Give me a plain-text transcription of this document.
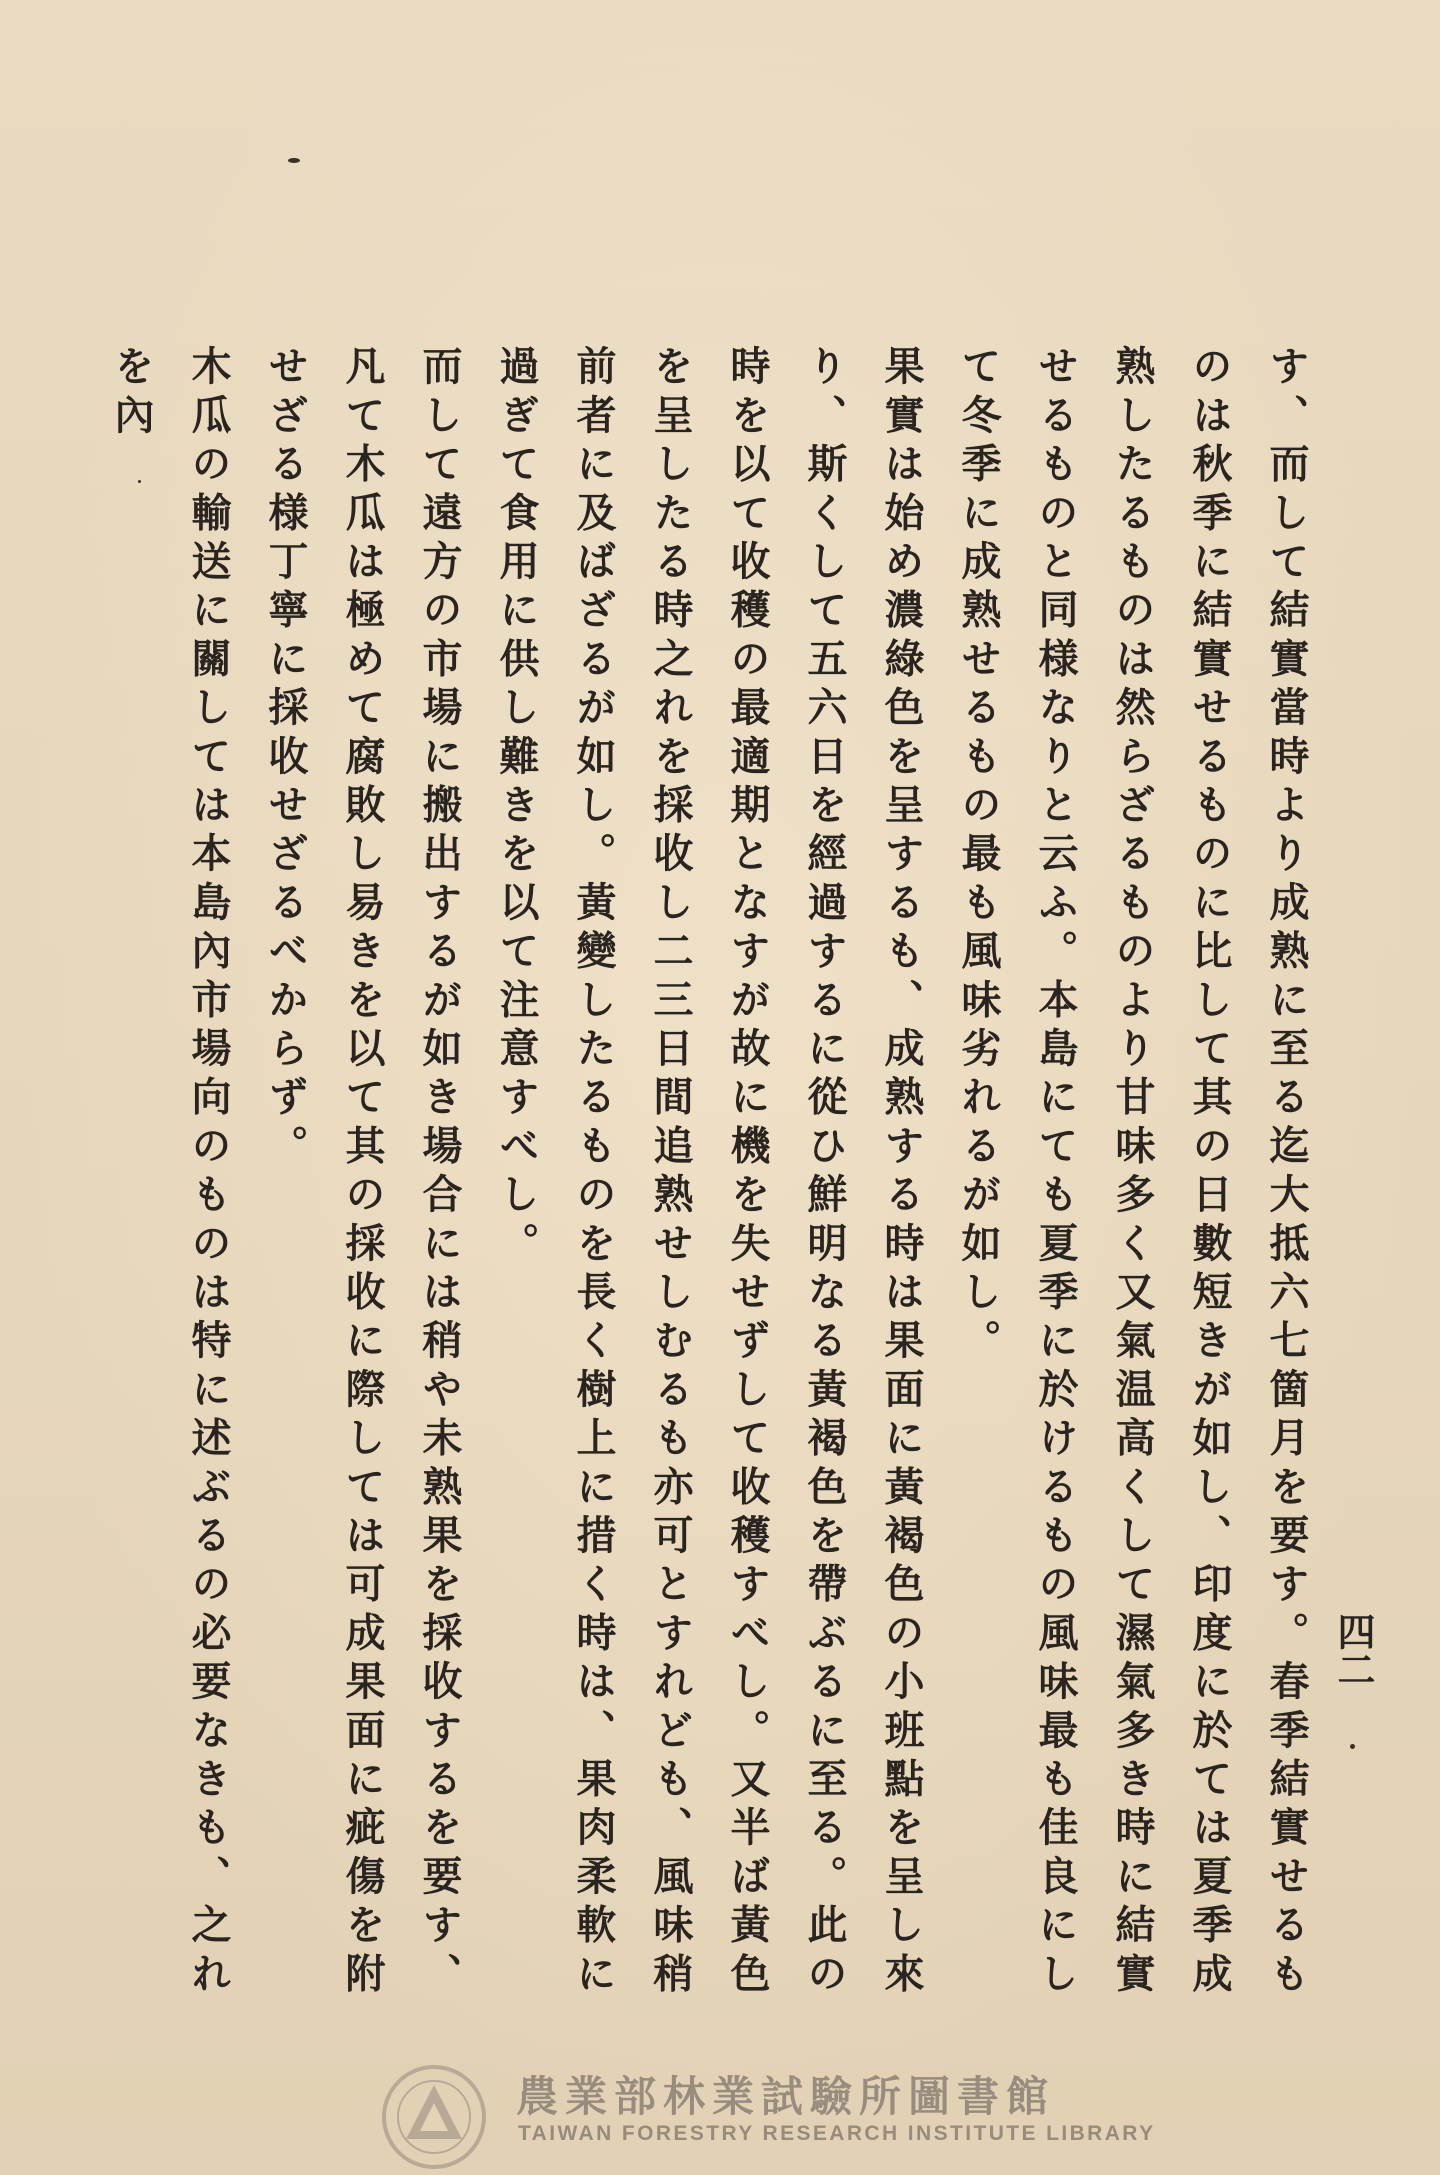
四二

す、而して結實當時より成熟に至る迄大抵六七箇月を要す。春季結實せるものは秋季に結實せるものに比して其の日數短きが如し、印度に於ては夏季成熟したるものは然らざるものより甘味多く又氣温高くして濕氣多き時に結實せるものと同様なりと云ふ。本島にても夏季に於けるもの風味最も佳良にして冬季に成熟せるもの最も風味劣れるが如し。

果實は始め濃綠色を呈するも、成熟する時は果面に黃褐色の小班點を呈し來り、斯くして五六日を經過するに從ひ鮮明なる黃褐色を帶ぶるに至る。此の時を以て收穫の最適期となすが故に機を失せずして收穫すべし。又半ば黃色を呈したる時之れを採收し二三日間追熟せしむるも亦可とすれども、風味稍前者に及ばざるが如し。黃變したるものを長く樹上に措く時は、果肉柔軟に過ぎて食用に供し難きを以て注意すべし。

而して遠方の市場に搬出するが如き場合には稍や未熟果を採收するを要す、凡て木瓜は極めて腐敗し易きを以て其の採收に際しては可成果面に疵傷を附せざる様丁寧に採收せざるべからず。

木瓜の輸送に關しては本島內市場向のものは特に述ぶるの必要なきも、之れを內

農業部林業試驗所圖書館
TAIWAN FORESTRY RESEARCH INSTITUTE LIBRARY
